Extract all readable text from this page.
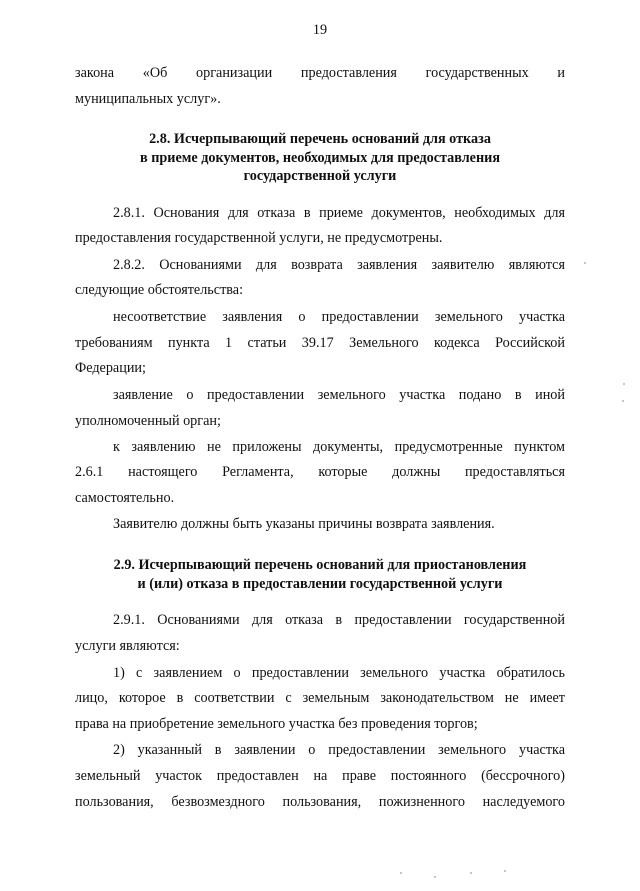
19
закона «Об организации предоставления государственных и
муниципальных услуг».
2.8. Исчерпывающий перечень оснований для отказа
в приеме документов, необходимых для предоставления
государственной услуги
2.8.1. Основания для отказа в приеме документов, необходимых для
предоставления государственной услуги, не предусмотрены.
2.8.2. Основаниями для возврата заявления заявителю являются
следующие обстоятельства:
несоответствие заявления о предоставлении земельного участка
требованиям пункта 1 статьи 39.17 Земельного кодекса Российской
Федерации;
заявление о предоставлении земельного участка подано в иной
уполномоченный орган;
к заявлению не приложены документы, предусмотренные пунктом
2.6.1 настоящего Регламента, которые должны предоставляться
самостоятельно.
Заявителю должны быть указаны причины возврата заявления.
2.9. Исчерпывающий перечень оснований для приостановления
и (или) отказа в предоставлении государственной услуги
2.9.1. Основаниями для отказа в предоставлении государственной
услуги являются:
1) с заявлением о предоставлении земельного участка обратилось
лицо, которое в соответствии с земельным законодательством не имеет
права на приобретение земельного участка без проведения торгов;
2) указанный в заявлении о предоставлении земельного участка
земельный участок предоставлен на праве постоянного (бессрочного)
пользования, безвозмездного пользования, пожизненного наследуемого
